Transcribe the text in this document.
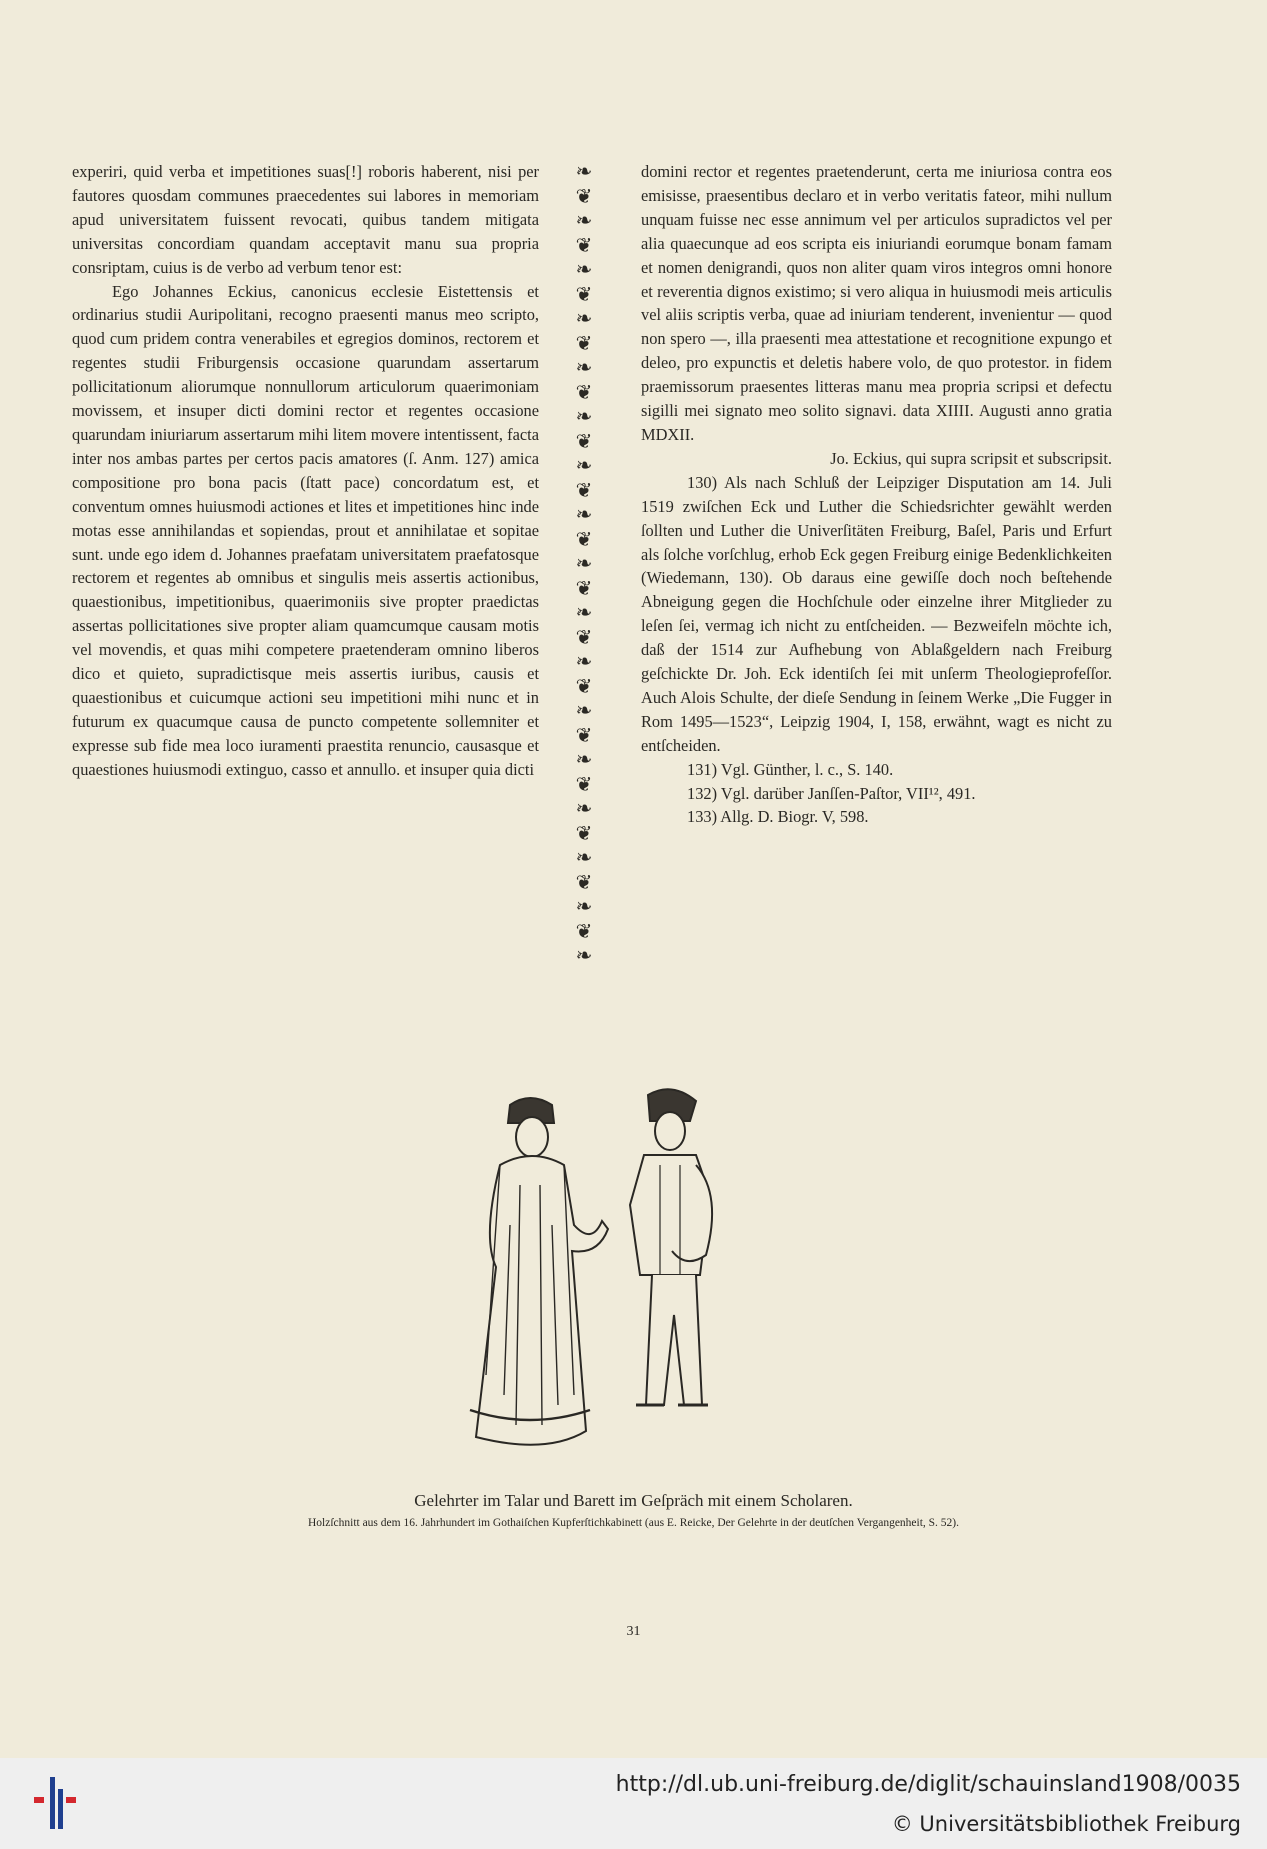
experiri, quid verba et impetitiones suas[!] roboris haberent, nisi per fautores quosdam communes praecedentes sui labores in memoriam apud universitatem fuissent revocati, quibus tandem mitigata universitas concordiam quandam acceptavit manu sua propria consriptam, cuius is de verbo ad verbum tenor est:

Ego Johannes Eckius, canonicus ecclesie Eistettensis et ordinarius studii Auripolitani, recogno praesenti manus meo scripto, quod cum pridem contra venerabiles et egregios dominos, rectorem et regentes studii Friburgensis occasione quarundam assertarum pollicitationum aliorumque nonnullorum articulorum quaerimoniam movissem, et insuper dicti domini rector et regentes occasione quarundam iniuriarum assertarum mihi litem movere intentissent, facta inter nos ambas partes per certos pacis amatores (ſ. Anm. 127) amica compositione pro bona pacis (ſtatt pace) concordatum est, et conventum omnes huiusmodi actiones et lites et impetitiones hinc inde motas esse annihilandas et sopiendas, prout et annihilatae et sopitae sunt. unde ego idem d. Johannes praefatam universitatem praefatosque rectorem et regentes ab omnibus et singulis meis assertis actionibus, quaestionibus, impetitionibus, quaerimoniis sive propter praedictas assertas pollicitationes sive propter aliam quamcumque causam motis vel movendis, et quas mihi competere praetenderam omnino liberos dico et quieto, supradictisque meis assertis iuribus, causis et quaestionibus et cuicumque actioni seu impetitioni mihi nunc et in futurum ex quacumque causa de puncto competente sollemniter et expresse sub fide mea loco iuramenti praestita renuncio, causasque et quaestiones huiusmodi extinguo, casso et annullo. et insuper quia dicti

❧
❦
❧
❦
❧
❦
❧
❦
❧
❦
❧
❦
❧
❦
❧
❦
❧
❦
❧
❦
❧
❦
❧
❦
❧
❦
❧
❦
❧
❦
❧
❦
❧

domini rector et regentes praetenderunt, certa me iniuriosa contra eos emisisse, praesentibus declaro et in verbo veritatis fateor, mihi nullum unquam fuisse nec esse annimum vel per articulos supradictos vel per alia quaecunque ad eos scripta eis iniuriandi eorumque bonam famam et nomen denigrandi, quos non aliter quam viros integros omni honore et reverentia dignos existimo; si vero aliqua in huiusmodi meis articulis vel aliis scriptis verba, quae ad iniuriam tenderent, invenientur — quod non spero —, illa praesenti mea attestatione et recognitione expungo et deleo, pro expunctis et deletis habere volo, de quo protestor. in fidem praemissorum praesentes litteras manu mea propria scripsi et defectu sigilli mei signato meo solito signavi. data XIIII. Augusti anno gratia MDXII.

Jo. Eckius, qui supra scripsit et subscripsit.

130) Als nach Schluß der Leipziger Disputation am 14. Juli 1519 zwiſchen Eck und Luther die Schiedsrichter gewählt werden ſollten und Luther die Univerſitäten Freiburg, Baſel, Paris und Erfurt als ſolche vorſchlug, erhob Eck gegen Freiburg einige Bedenklichkeiten (Wiedemann, 130). Ob daraus eine gewiſſe doch noch beſtehende Abneigung gegen die Hochſchule oder einzelne ihrer Mitglieder zu leſen ſei, vermag ich nicht zu entſcheiden. — Bezweifeln möchte ich, daß der 1514 zur Aufhebung von Ablaßgeldern nach Freiburg geſchickte Dr. Joh. Eck identiſch ſei mit unſerm Theologieprofeſſor. Auch Alois Schulte, der dieſe Sendung in ſeinem Werke „Die Fugger in Rom 1495—1523“, Leipzig 1904, I, 158, erwähnt, wagt es nicht zu entſcheiden.

131) Vgl. Günther, l. c., S. 140.

132) Vgl. darüber Janſſen-Paſtor, VII¹², 491.

133) Allg. D. Biogr. V, 598.

Gelehrter im Talar und Barett im Geſpräch mit einem Scholaren.
Holzſchnitt aus dem 16. Jahrhundert im Gothaiſchen Kupferſtichkabinett (aus E. Reicke, Der Gelehrte in der deutſchen Vergangenheit, S. 52).
31
http://dl.ub.uni-freiburg.de/diglit/schauinsland1908/0035
© Universitätsbibliothek Freiburg
